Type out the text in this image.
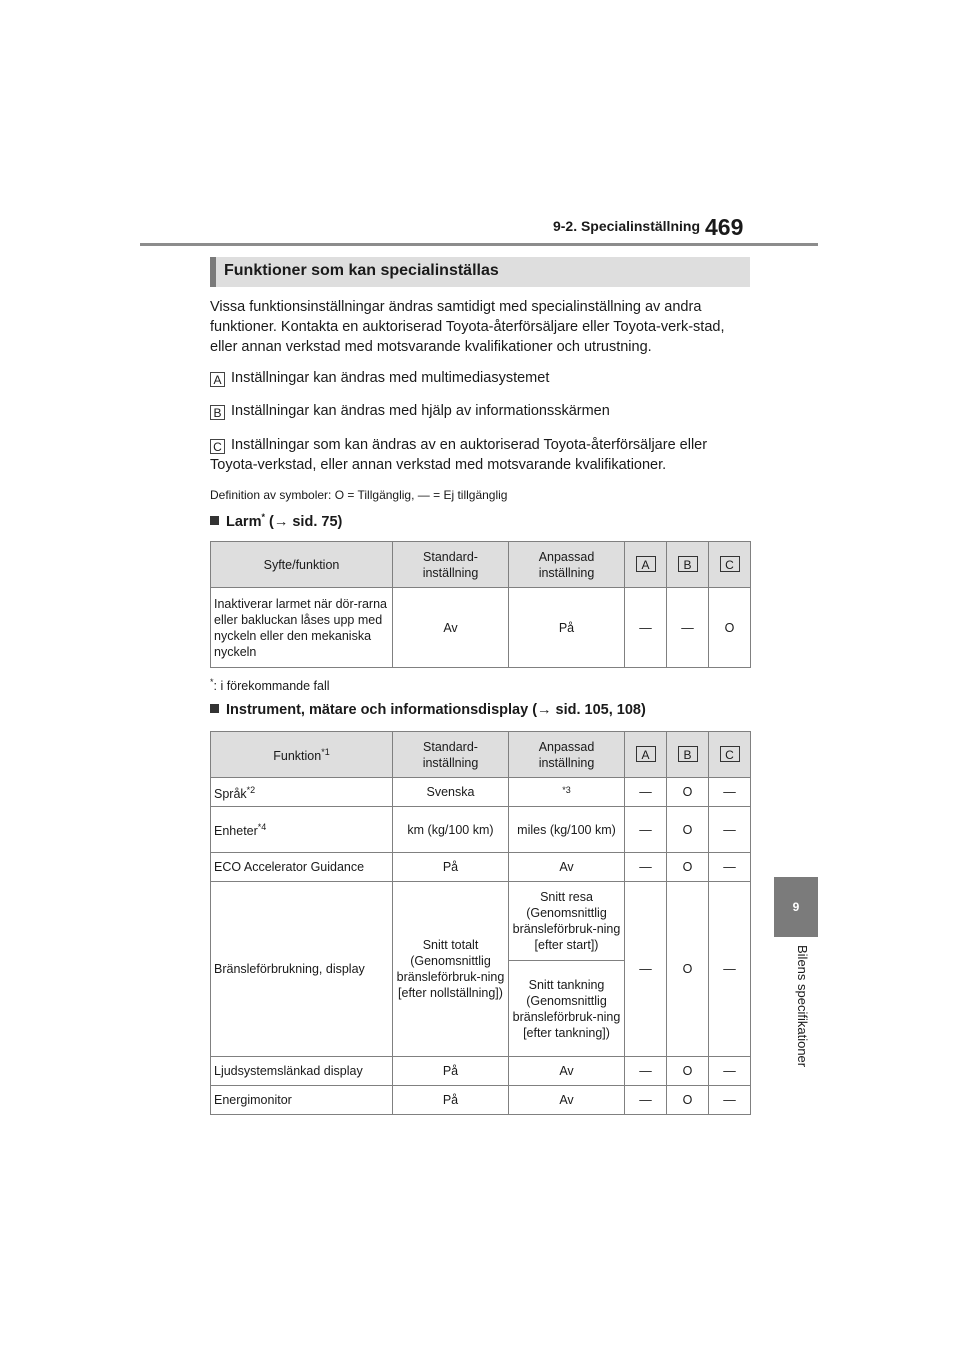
9-2. Specialinställning 469
9
Bilens specifikationer
Funktioner som kan specialinställas
Vissa funktionsinställningar ändras samtidigt med specialinställning av andra funktioner. Kontakta en auktoriserad Toyota-återförsäljare eller Toyota-verk-stad, eller annan verkstad med motsvarande kvalifikationer och utrustning.
A Inställningar kan ändras med multimediasystemet
B Inställningar kan ändras med hjälp av informationsskärmen
C Inställningar som kan ändras av en auktoriserad Toyota-återförsäljare eller Toyota-verkstad, eller annan verkstad med motsvarande kvalifikationer.
Definition av symboler: O = Tillgänglig, — = Ej tillgänglig
Larm* (→ sid. 75)
Syfte/funktion	Standard-inställning	Anpassad inställning	A	B	C
Inaktiverar larmet när dör-rarna eller bakluckan låses upp med nyckeln eller den mekaniska nyckeln	Av	På	—	—	O
*: i förekommande fall
Instrument, mätare och informationsdisplay (→ sid. 105, 108)
Funktion$^{*1}$	Standard-inställning	Anpassad inställning	A	B	C
Språk$^{*2}$	Svenska	$^{*3}$	—	O	—
Enheter$^{*4}$	km (kg/100 km)	miles (kg/100 km)	—	O	—
ECO Accelerator Guidance	På	Av	—	O	—
Bränsleförbrukning, display	Snitt totalt (Genomsnittlig bränsleförbruk-ning [efter nollställning])	Snitt resa (Genomsnittlig bränsleförbruk-ning [efter start])	—	O	—
		Snitt tankning (Genomsnittlig bränsleförbruk-ning [efter tankning])			
Ljudsystemslänkad display	På	Av	—	O	—
Energimonitor	På	Av	—	O	—
